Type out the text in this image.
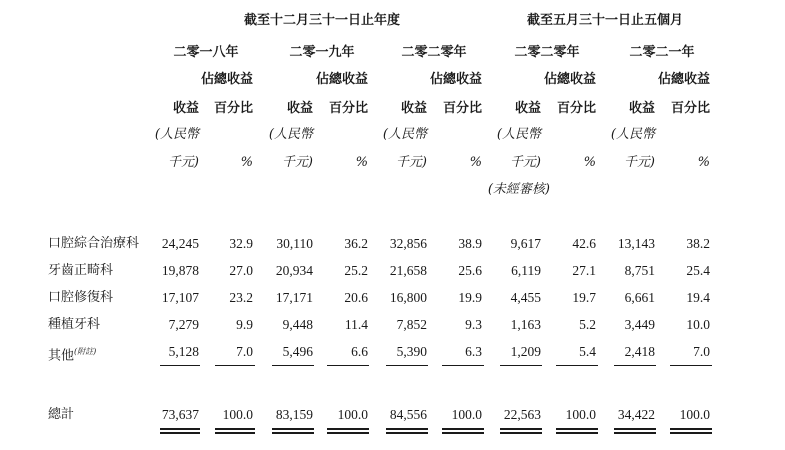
截至十二月三十一日止年度	截至五月三十一日止五個月
二零一八年	二零一九年	二零二零年	二零二零年	二零二一年
佔總收益	佔總收益	佔總收益	佔總收益	佔總收益
收益 百分比	收益 百分比	收益 百分比	收益 百分比	收益 百分比
(人民幣	(人民幣	(人民幣	(人民幣	(人民幣
千元)	% 千元)	% 千元)	% 千元)	% 千元)	%
(未經審核)
口腔綜合治療科 24,245 32.9 30,110 36.2 32,856 38.9 9,617 42.6 13,143 38.2
牙齒正畸科	19,878 27.0 20,934 25.2 21,658 25.6 6,119 27.1 8,751 25.4
口腔修復科	17,107 23.2 17,171 20.6 16,800 19.9 4,455 19.7 6,661 19.4
種植牙科	7,279	9.9 9,448 11.4 7,852	9.3 1,163	5.2 3,449 10.0
其他$^{(附註)}$	5,128	7.0 5,496	6.6 5,390	6.3 1,209	5.4 2,418	7.0
總計	73,637 100.0 83,159 100.0 84,556 100.0 22,563 100.0 34,422 100.0
